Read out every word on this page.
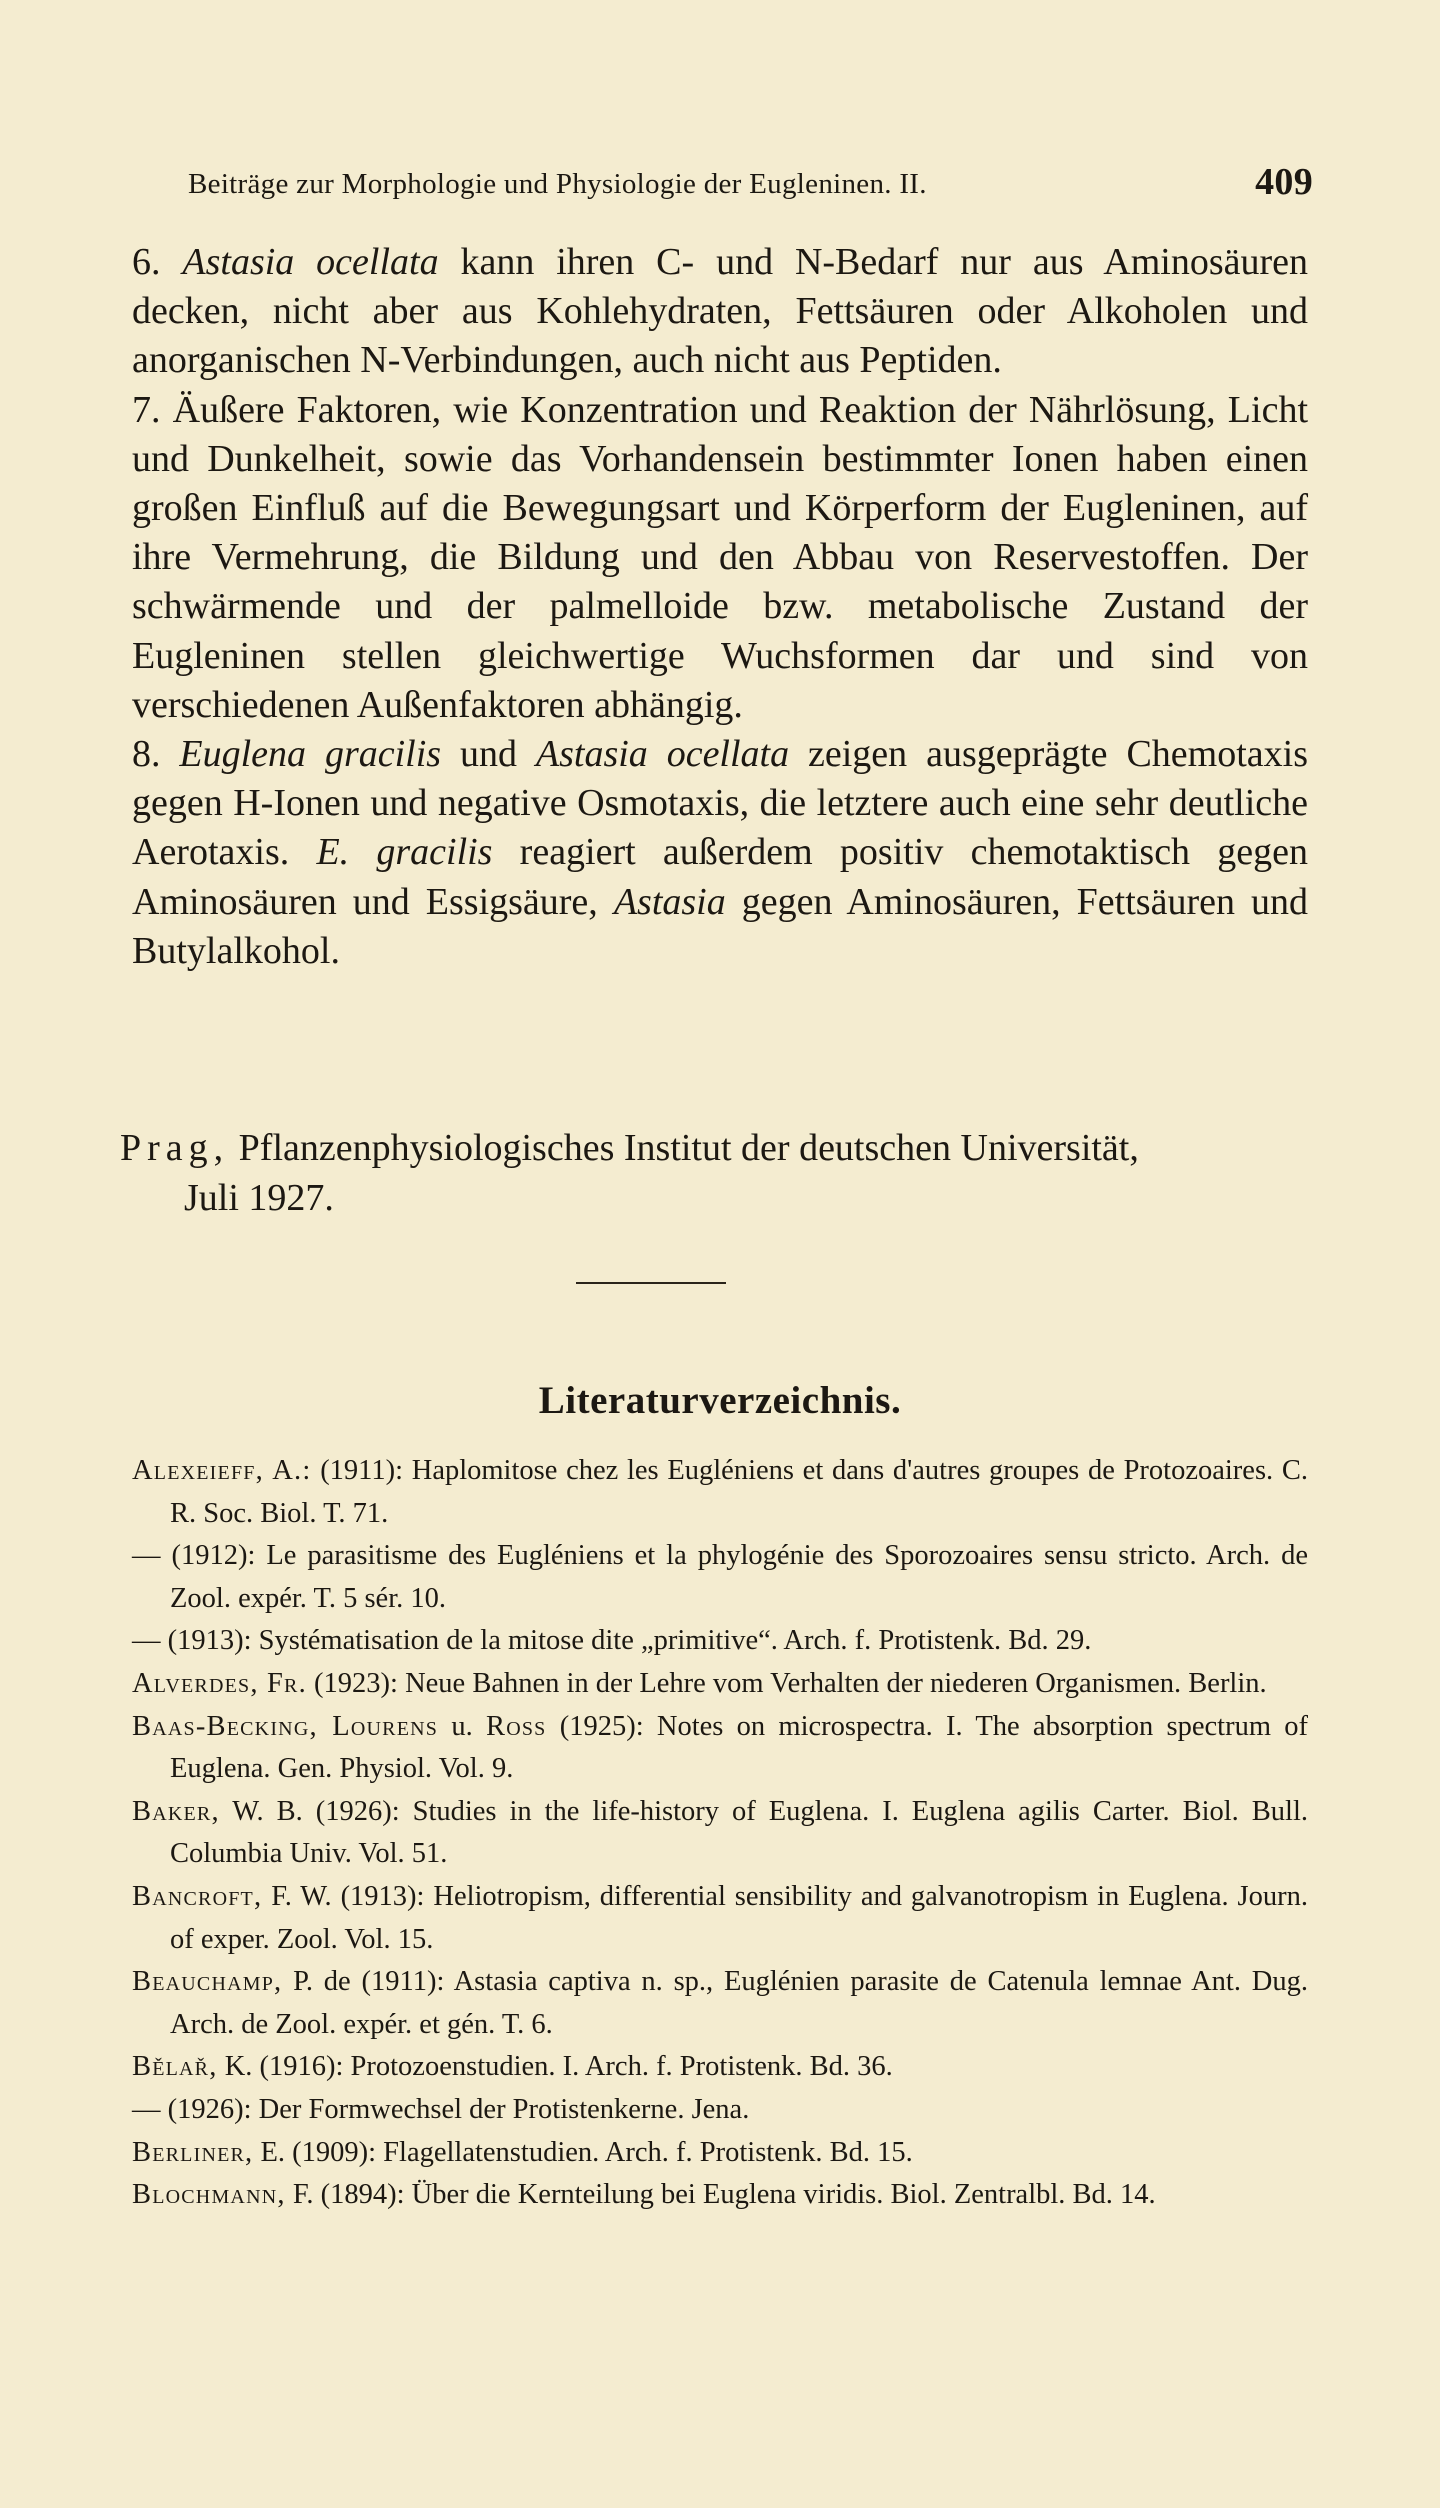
Beiträge zur Morphologie und Physiologie der Eugleninen. II.	409

6. Astasia ocellata kann ihren C- und N-Bedarf nur aus Aminosäuren decken, nicht aber aus Kohlehydraten, Fettsäuren oder Alkoholen und anorganischen N-Verbindungen, auch nicht aus Peptiden.

7. Äußere Faktoren, wie Konzentration und Reaktion der Nährlösung, Licht und Dunkelheit, sowie das Vorhandensein bestimmter Ionen haben einen großen Einfluß auf die Bewegungsart und Körperform der Eugleninen, auf ihre Vermehrung, die Bildung und den Abbau von Reservestoffen. Der schwärmende und der palmelloide bzw. metabolische Zustand der Eugleninen stellen gleichwertige Wuchsformen dar und sind von verschiedenen Außenfaktoren abhängig.

8. Euglena gracilis und Astasia ocellata zeigen ausgeprägte Chemotaxis gegen H-Ionen und negative Osmotaxis, die letztere auch eine sehr deutliche Aerotaxis. E. gracilis reagiert außerdem positiv chemotaktisch gegen Aminosäuren und Essigsäure, Astasia gegen Aminosäuren, Fettsäuren und Butylalkohol.

Prag, Pflanzenphysiologisches Institut der deutschen Universität,
Juli 1927.
Literaturverzeichnis.

Alexeieff, A.: (1911): Haplomitose chez les Eugléniens et dans d'autres groupes de Protozoaires. C. R. Soc. Biol. T. 71.

— (1912): Le parasitisme des Eugléniens et la phylogénie des Sporozoaires sensu stricto. Arch. de Zool. expér. T. 5 sér. 10.

— (1913): Systématisation de la mitose dite „primitive“. Arch. f. Protistenk. Bd. 29.

Alverdes, Fr. (1923): Neue Bahnen in der Lehre vom Verhalten der niederen Organismen. Berlin.

Baas-Becking, Lourens u. Ross (1925): Notes on microspectra. I. The absorption spectrum of Euglena. Gen. Physiol. Vol. 9.

Baker, W. B. (1926): Studies in the life-history of Euglena. I. Euglena agilis Carter. Biol. Bull. Columbia Univ. Vol. 51.

Bancroft, F. W. (1913): Heliotropism, differential sensibility and galvanotropism in Euglena. Journ. of exper. Zool. Vol. 15.

Beauchamp, P. de (1911): Astasia captiva n. sp., Euglénien parasite de Catenula lemnae Ant. Dug. Arch. de Zool. expér. et gén. T. 6.

Bělař, K. (1916): Protozoenstudien. I. Arch. f. Protistenk. Bd. 36.

— (1926): Der Formwechsel der Protistenkerne. Jena.

Berliner, E. (1909): Flagellatenstudien. Arch. f. Protistenk. Bd. 15.

Blochmann, F. (1894): Über die Kernteilung bei Euglena viridis. Biol. Zentralbl. Bd. 14.
